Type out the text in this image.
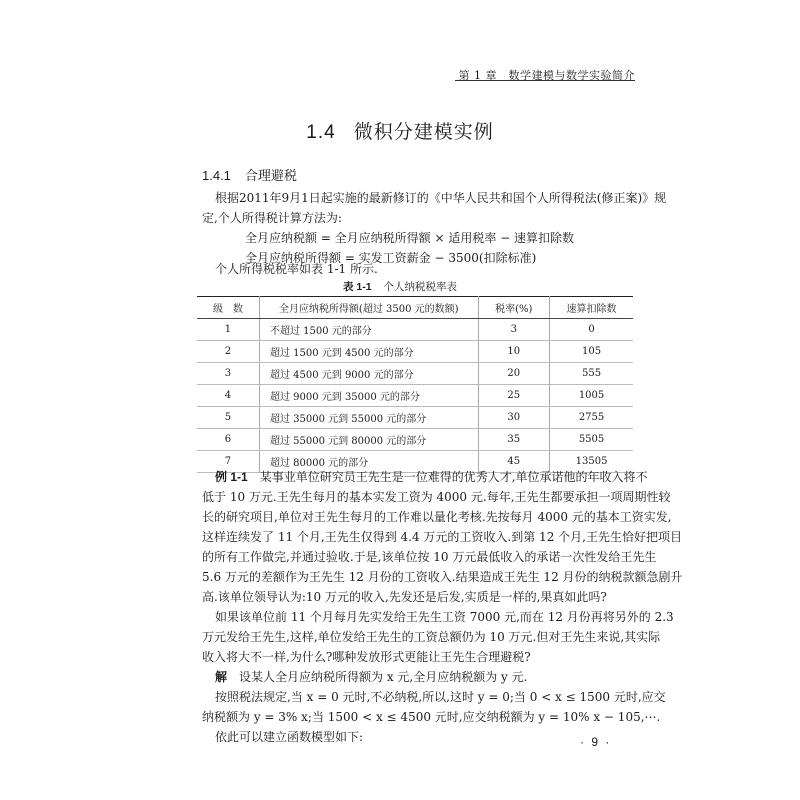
第 1 章　数学建模与数学实验简介
1.4 微积分建模实例
1.4.1 合理避税
根据2011年9月1日起实施的最新修订的《中华人民共和国个人所得税法(修正案)》规
定,个人所得税计算方法为:
全月应纳税额 = 全月应纳税所得额 × 适用税率 − 速算扣除数
全月应纳税所得额 = 实发工资薪金 − 3500(扣除标准)
个人所得税税率如表 1-1 所示.
表 1-1 个人纳税税率表
级　数	全月应纳税所得额(超过 3500 元的数额)	税率(%)	速算扣除数
1	不超过 1500 元的部分	3	0
2	超过 1500 元到 4500 元的部分	10	105
3	超过 4500 元到 9000 元的部分	20	555
4	超过 9000 元到 35000 元的部分	25	1005
5	超过 35000 元到 55000 元的部分	30	2755
6	超过 55000 元到 80000 元的部分	35	5505
7	超过 80000 元的部分	45	13505
例 1-1　 某事业单位研究员王先生是一位难得的优秀人才,单位承诺他的年收入将不
低于 10 万元.王先生每月的基本实发工资为 4000 元.每年,王先生都要承担一项周期性较
长的研究项目,单位对王先生每月的工作难以量化考核.先按每月 4000 元的基本工资实发,
这样连续发了 11 个月,王先生仅得到 4.4 万元的工资收入.到第 12 个月,王先生恰好把项目
的所有工作做完,并通过验收.于是,该单位按 10 万元最低收入的承诺一次性发给王先生
5.6 万元的差额作为王先生 12 月份的工资收入.结果造成王先生 12 月份的纳税款额急剧升
高.该单位领导认为:10 万元的收入,先发还是后发,实质是一样的,果真如此吗?
如果该单位前 11 个月每月先实发给王先生工资 7000 元,而在 12 月份再将另外的 2.3
万元发给王先生,这样,单位发给王先生的工资总额仍为 10 万元.但对王先生来说,其实际
收入将大不一样,为什么?哪种发放形式更能让王先生合理避税?
解　 设某人全月应纳税所得额为 x 元,全月应纳税额为 y 元.
按照税法规定,当 x = 0 元时,不必纳税,所以,这时 y = 0;当 0 < x ≤ 1500 元时,应交
纳税额为 y = 3% x;当 1500 < x ≤ 4500 元时,应交纳税额为 y = 10% x − 105,⋯.
依此可以建立函数模型如下:	· 9 ·
